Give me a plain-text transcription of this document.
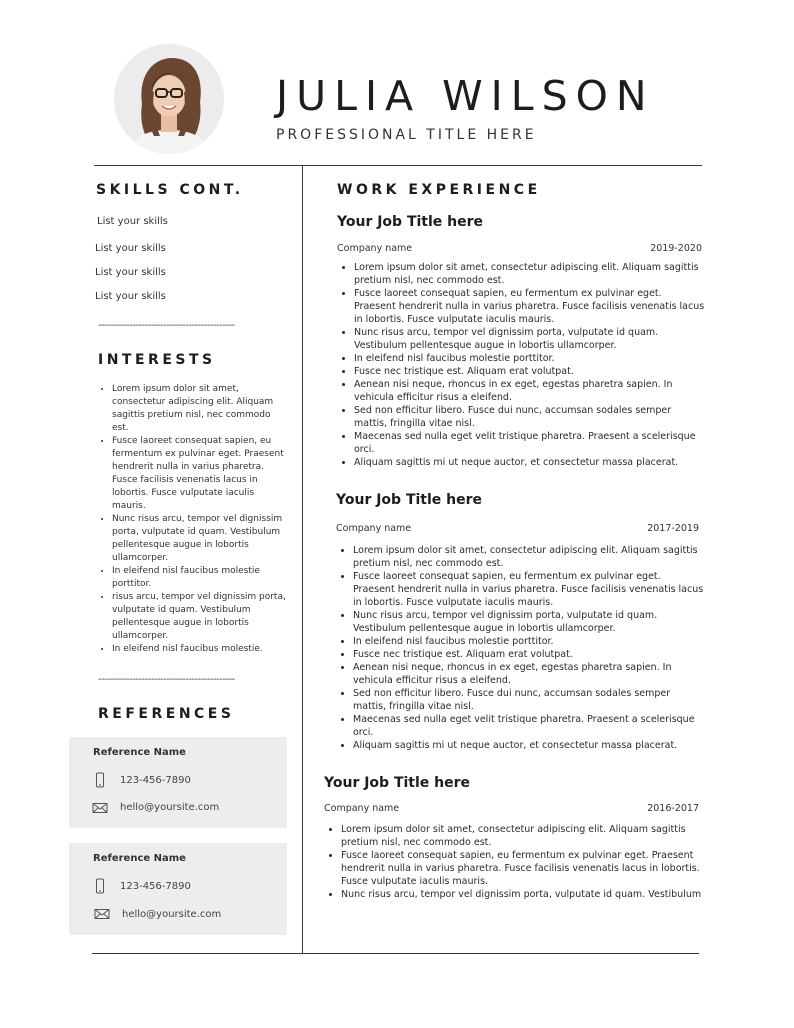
JULIA WILSON
PROFESSIONAL TITLE HERE
SKILLS CONT.
List your skills
List your skills
List your skills
List your skills
--------------------------------------------
INTERESTS
• Lorem ipsum dolor sit amet, consectetur adipiscing elit. Aliquam sagittis pretium nisl, nec commodo est.
• Fusce laoreet consequat sapien, eu fermentum ex pulvinar eget. Praesent hendrerit nulla in varius pharetra. Fusce facilisis venenatis lacus in lobortis. Fusce vulputate iaculis mauris.
• Nunc risus arcu, tempor vel dignissim porta, vulputate id quam. Vestibulum pellentesque augue in lobortis ullamcorper.
• In eleifend nisl faucibus molestie porttitor.
• risus arcu, tempor vel dignissim porta, vulputate id quam. Vestibulum pellentesque augue in lobortis ullamcorper.
• In eleifend nisl faucibus molestie.
--------------------------------------------
REFERENCES
Reference Name
123-456-7890
hello@yoursite.com
Reference Name
123-456-7890
hello@yoursite.com
WORK EXPERIENCE
Your Job Title here
Company name	2019-2020
• Lorem ipsum dolor sit amet, consectetur adipiscing elit. Aliquam sagittis pretium nisl, nec commodo est.
• Fusce laoreet consequat sapien, eu fermentum ex pulvinar eget. Praesent hendrerit nulla in varius pharetra. Fusce facilisis venenatis lacus in lobortis. Fusce vulputate iaculis mauris.
• Nunc risus arcu, tempor vel dignissim porta, vulputate id quam. Vestibulum pellentesque augue in lobortis ullamcorper.
• In eleifend nisl faucibus molestie porttitor.
• Fusce nec tristique est. Aliquam erat volutpat.
• Aenean nisi neque, rhoncus in ex eget, egestas pharetra sapien. In vehicula efficitur risus a eleifend.
• Sed non efficitur libero. Fusce dui nunc, accumsan sodales semper mattis, fringilla vitae nisl.
• Maecenas sed nulla eget velit tristique pharetra. Praesent a scelerisque orci.
• Aliquam sagittis mi ut neque auctor, et consectetur massa placerat.
Your Job Title here
Company name	2017-2019
• Lorem ipsum dolor sit amet, consectetur adipiscing elit. Aliquam sagittis pretium nisl, nec commodo est.
• Fusce laoreet consequat sapien, eu fermentum ex pulvinar eget. Praesent hendrerit nulla in varius pharetra. Fusce facilisis venenatis lacus in lobortis. Fusce vulputate iaculis mauris.
• Nunc risus arcu, tempor vel dignissim porta, vulputate id quam. Vestibulum pellentesque augue in lobortis ullamcorper.
• In eleifend nisl faucibus molestie porttitor.
• Fusce nec tristique est. Aliquam erat volutpat.
• Aenean nisi neque, rhoncus in ex eget, egestas pharetra sapien. In vehicula efficitur risus a eleifend.
• Sed non efficitur libero. Fusce dui nunc, accumsan sodales semper mattis, fringilla vitae nisl.
• Maecenas sed nulla eget velit tristique pharetra. Praesent a scelerisque orci.
• Aliquam sagittis mi ut neque auctor, et consectetur massa placerat.
Your Job Title here
Company name	2016-2017
• Lorem ipsum dolor sit amet, consectetur adipiscing elit. Aliquam sagittis pretium nisl, nec commodo est.
• Fusce laoreet consequat sapien, eu fermentum ex pulvinar eget. Praesent hendrerit nulla in varius pharetra. Fusce facilisis venenatis lacus in lobortis. Fusce vulputate iaculis mauris.
• Nunc risus arcu, tempor vel dignissim porta, vulputate id quam. Vestibulum
